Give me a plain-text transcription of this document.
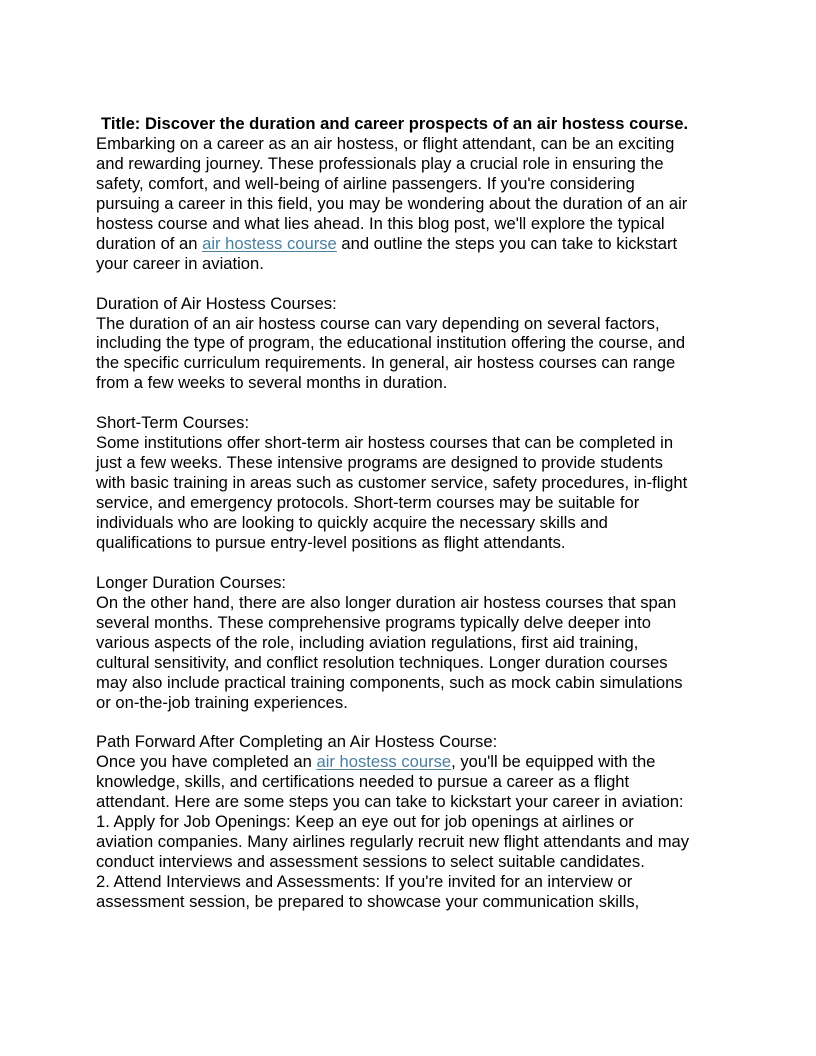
Title: Discover the duration and career prospects of an air hostess course.
Embarking on a career as an air hostess, or flight attendant, can be an exciting
and rewarding journey. These professionals play a crucial role in ensuring the
safety, comfort, and well-being of airline passengers. If you're considering
pursuing a career in this field, you may be wondering about the duration of an air
hostess course and what lies ahead. In this blog post, we'll explore the typical
duration of an air hostess course and outline the steps you can take to kickstart
your career in aviation.
Duration of Air Hostess Courses:
The duration of an air hostess course can vary depending on several factors,
including the type of program, the educational institution offering the course, and
the specific curriculum requirements. In general, air hostess courses can range
from a few weeks to several months in duration.
Short-Term Courses:
Some institutions offer short-term air hostess courses that can be completed in
just a few weeks. These intensive programs are designed to provide students
with basic training in areas such as customer service, safety procedures, in-flight
service, and emergency protocols. Short-term courses may be suitable for
individuals who are looking to quickly acquire the necessary skills and
qualifications to pursue entry-level positions as flight attendants.
Longer Duration Courses:
On the other hand, there are also longer duration air hostess courses that span
several months. These comprehensive programs typically delve deeper into
various aspects of the role, including aviation regulations, first aid training,
cultural sensitivity, and conflict resolution techniques. Longer duration courses
may also include practical training components, such as mock cabin simulations
or on-the-job training experiences.
Path Forward After Completing an Air Hostess Course:
Once you have completed an air hostess course, you'll be equipped with the
knowledge, skills, and certifications needed to pursue a career as a flight
attendant. Here are some steps you can take to kickstart your career in aviation:
1. Apply for Job Openings: Keep an eye out for job openings at airlines or
aviation companies. Many airlines regularly recruit new flight attendants and may
conduct interviews and assessment sessions to select suitable candidates.
2. Attend Interviews and Assessments: If you're invited for an interview or
assessment session, be prepared to showcase your communication skills,
